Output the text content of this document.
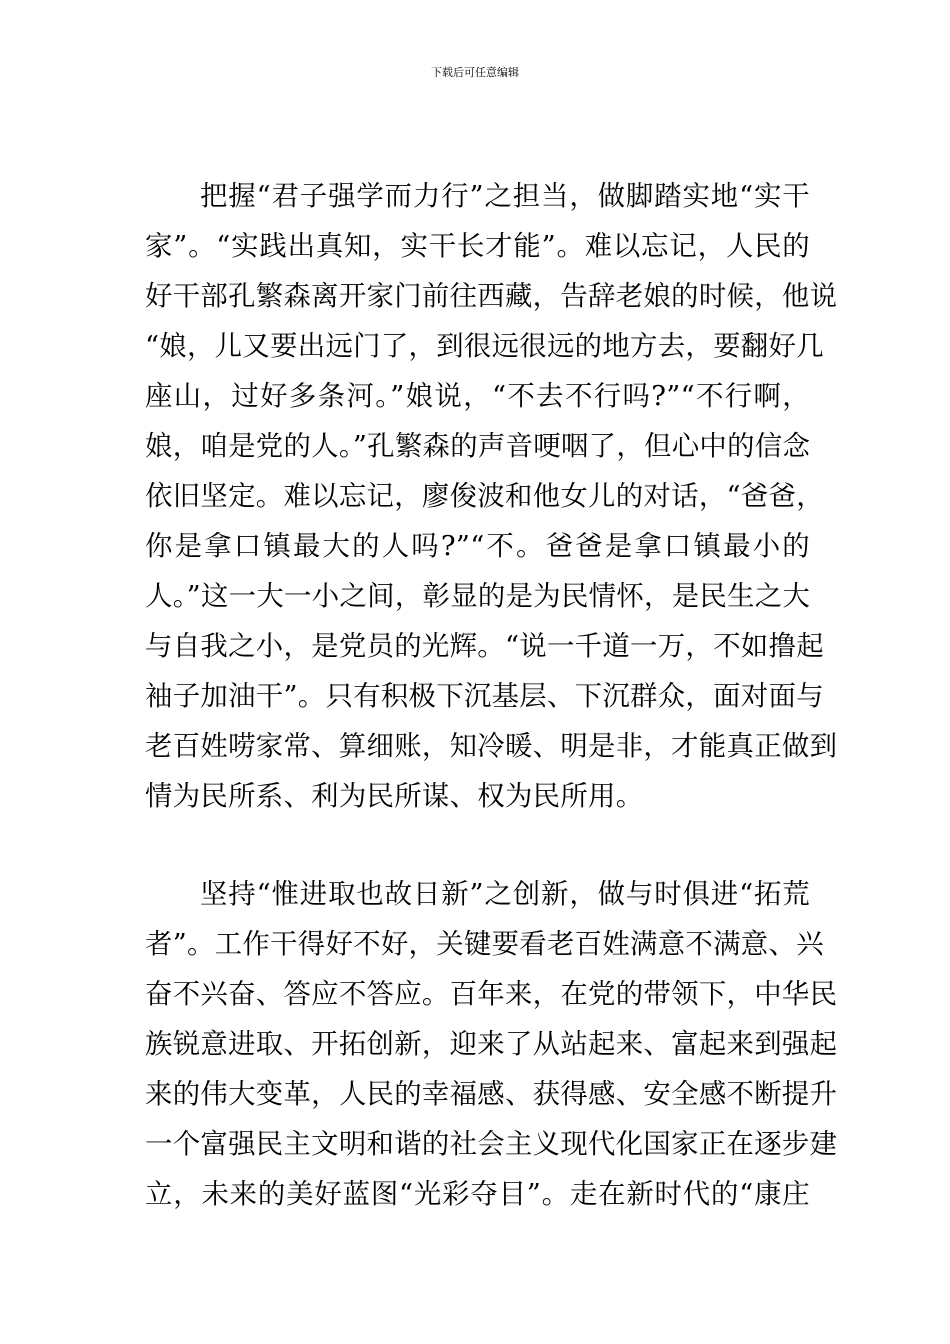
下载后可任意编辑
把握“君子强学而力行”之担当，做脚踏实地“实干
家”。“实践出真知，实干长才能”。难以忘记，人民的
好干部孔繁森离开家门前往西藏，告辞老娘的时候，他说
“娘，儿又要出远门了，到很远很远的地方去，要翻好几
座山，过好多条河。”娘说，“不去不行吗?”“不行啊，
娘，咱是党的人。”孔繁森的声音哽咽了，但心中的信念
依旧坚定。难以忘记，廖俊波和他女儿的对话，“爸爸，
你是拿口镇最大的人吗?”“不。爸爸是拿口镇最小的
人。”这一大一小之间，彰显的是为民情怀，是民生之大
与自我之小，是党员的光辉。“说一千道一万，不如撸起
袖子加油干”。只有积极下沉基层、下沉群众，面对面与
老百姓唠家常、算细账，知冷暖、明是非，才能真正做到
情为民所系、利为民所谋、权为民所用。
坚持“惟进取也故日新”之创新，做与时俱进“拓荒
者”。工作干得好不好，关键要看老百姓满意不满意、兴
奋不兴奋、答应不答应。百年来，在党的带领下，中华民
族锐意进取、开拓创新，迎来了从站起来、富起来到强起
来的伟大变革，人民的幸福感、获得感、安全感不断提升
一个富强民主文明和谐的社会主义现代化国家正在逐步建
立，未来的美好蓝图“光彩夺目”。走在新时代的“康庄
